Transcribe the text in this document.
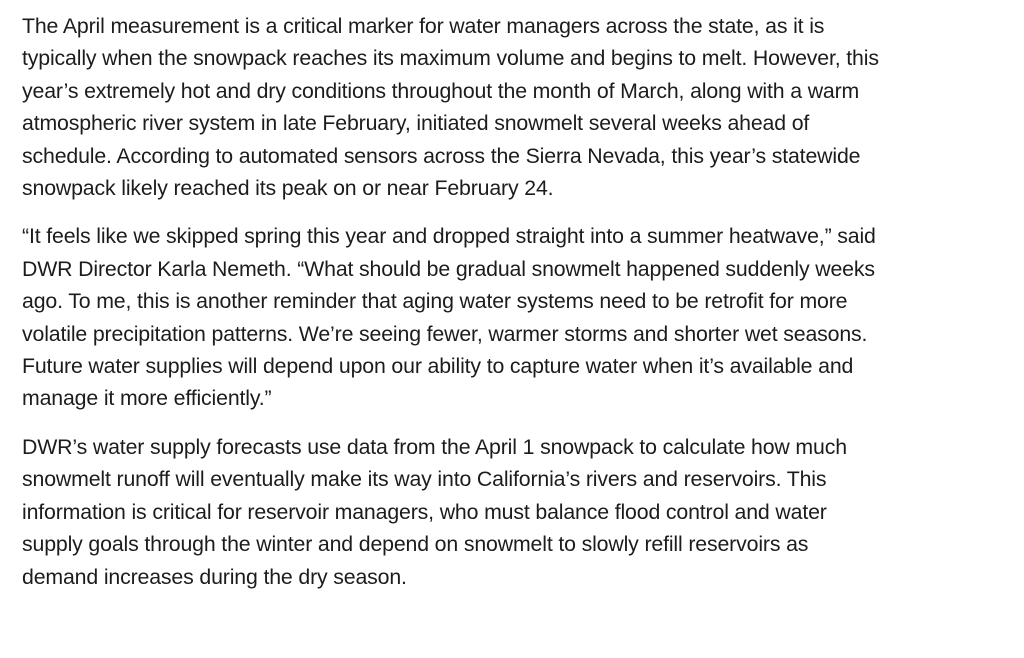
The April measurement is a critical marker for water managers across the state, as it is
typically when the snowpack reaches its maximum volume and begins to melt. However, this
year’s extremely hot and dry conditions throughout the month of March, along with a warm
atmospheric river system in late February, initiated snowmelt several weeks ahead of
schedule. According to automated sensors across the Sierra Nevada, this year’s statewide
snowpack likely reached its peak on or near February 24.

“It feels like we skipped spring this year and dropped straight into a summer heatwave,” said
DWR Director Karla Nemeth. “What should be gradual snowmelt happened suddenly weeks
ago. To me, this is another reminder that aging water systems need to be retrofit for more
volatile precipitation patterns. We’re seeing fewer, warmer storms and shorter wet seasons.
Future water supplies will depend upon our ability to capture water when it’s available and
manage it more efficiently.”

DWR’s water supply forecasts use data from the April 1 snowpack to calculate how much
snowmelt runoff will eventually make its way into California’s rivers and reservoirs. This
information is critical for reservoir managers, who must balance flood control and water
supply goals through the winter and depend on snowmelt to slowly refill reservoirs as
demand increases during the dry season.
